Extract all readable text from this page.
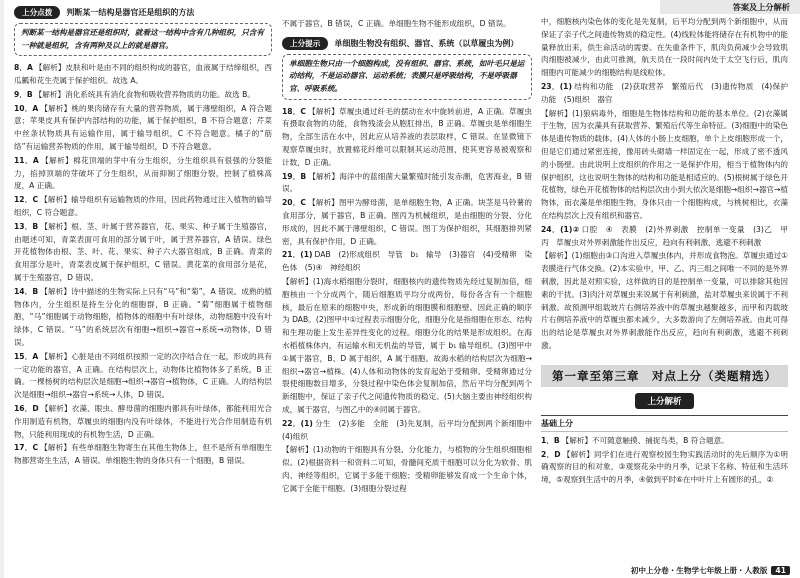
答案及上分解析
上分点拨	判断某一结构是器官还是组织的方法
判断某一结构是器官还是组织时，就看这一结构中含有几种组织，只含有一种就是组织，含有两种及以上的就是器官。

8．A 【解析】皮肤和叶是由不同的组织构成的器官，血液属于结缔组织，西瓜瓤和花生壳属于保护组织。故选 A。

9．B 【解析】消化系统具有消化食物和吸收营养物质的功能。故选 B。

10．A 【解析】桃的果肉储存有大量的营养物质，属于薄壁组织，A 符合题意；苹果皮具有保护内部结构的功能，属于保护组织，B 不符合题意；芹菜中丝条状物质具有运输作用，属于输导组织，C 不符合题意。橘子的“筋络”有运输营养物质的作用，属于输导组织，D 不符合题意。

11．A 【解析】棉花顶端的芽中有分生组织，分生组织具有很强的分裂能力，掐掉顶端的芽破坏了分生组织，从而抑制了细胞分裂，控制了植株高度，A 正确。

12．C 【解析】输导组织有运输物质的作用，因此药物通过注入植物的输导组织，C 符合题意。

13．B 【解析】根、茎、叶属于营养器官，花、果实、种子属于生殖器官，由题述可知，青菜表面可食用的部分属于叶，属于营养器官，A 错误。绿色开花植物体由根、茎、叶、花、果实、种子六大器官组成，B 正确。青菜的食用部分是叶，青菜表皮属于保护组织，C 错误。黄花菜的食用部分是花，属于生殖器官，D 错误。

14．B 【解析】诗中描述的生物实际上只有“马”和“菊”，A 错误。成熟的植物体内，分生组织是持生分化的细胞群，B 正确。“菊”细胞属于植物细胞，“马”细胞属于动物细胞，植物体的细胞中有叶绿体，动物细胞中没有叶绿体，C 错误。“马”的系统层次有细胞→组织→器官→系统→动物体，D 错误。

15．A 【解析】心脏是由不同组织按照一定的次序结合在一起，形成的具有一定功能的器官，A 正确。在结构层次上，动物体比植物体多了系统，B 正确。一棵杨树的结构层次是细胞→组织→器官→植物体，C 正确。人的结构层次是细胞→组织→器官→系统→人体，D 错误。

16．D 【解析】衣藻、眼虫、酵母菌的细胞内都具有叶绿体，都能利用光合作用制造有机物，草履虫的细胞内没有叶绿体，不能进行光合作用制造有机物，只能利用现成的有机物生活，D 正确。

17．C 【解析】有些单细胞生物寄生在其他生物体上，但不是所有单细胞生物都营寄生生活，A 错误。单细胞生物的身体只有一个细胞，B 错误。

不属于器官，B 错误，C 正确。单细胞生物不能形成组织，D 错误。

上分提示	单细胞生物没有组织、器官、系统（以草履虫为例）
单细胞生物只由一个细胞构成，没有组织、器官、系统，如叶毛只是运动结构，不是运动器官、运动系统；表膜只是呼吸结构，不是呼吸器官、呼吸系统。

18．C 【解析】草履虫通过纤毛的摆动在水中旋转前进，A 正确。草履虫有摄取食物的功能，食物残渣会从胞肛排出，B 正确。草履虫是单细胞生物，全部生活在水中，因此应从培养液的表层取样，C 错误。在显微镜下观察草履虫时，放置棉花纤维可以限制其运动范围，使其更容易被观察和计数，D 正确。

19．B 【解析】海洋中的蓝细菌大量繁殖时能引发赤潮，危害海业，B 错误。

20．C 【解析】图甲为酵母菌，是单细胞生物，A 正确。块茎是马铃薯的食用部分，属于器官，B 正确。图丙为机械组织，是由细胞的分裂、分化形成的，因此不属于薄壁组织，C 错误。图丁为保护组织，其细胞排列紧密，具有保护作用，D 正确。

21．(1) DAB　(2)形成组织　导管　b₁　输导　(3)器官　(4)受精卵　染色体　(5)④　神经组织

【解析】(1)海水稻细胞分裂时，细胞核内的遗传物质先经过复制加倍，细胞核由一个分成两个，随后细胞质平均分成两份，每份各含有一个细胞核，最后在原来的细胞中央，形成新的细胞膜和细胞壁。因此正确的顺序为 DAB。(2)图甲中①过程表示细胞分化，细胞分化是指细胞在形态、结构和生理功能上发生差异性变化的过程。细胞分化的结果是形成组织。在海水稻植株体内，有运输水和无机盐的导管，属于 b₁ 输导组织。(3)图甲中①属于器官，B、D 属于组织，A 属于细胞。故海水稻的结构层次为细胞→组织→器官→植株。(4)人体和动物体的发育起始于受精卵。受精卵通过分裂使细胞数目增多，分裂过程中染色体会复制加倍，然后平均分配到两个新细胞中，保证了亲子代之间遗传物质的稳定。(5)大脑主要由神经组织构成，属于器官，与图乙中的④同属于器官。

22．(1) 分生　(2)多能　全能　(3)先复制，后平均分配到两个新细胞中　(4)组织

【解析】(1)动物的干细胞具有分裂、分化能力，与植物的分生组织细胞相似。(2)根据资料一和资料二可知，骨髓间充质干细胞可以分化为软骨、肌肉、神经等组织，它属于多能干细胞；受精卵能够发育成一个生命个体，它属于全能干细胞。(3)细胞分裂过程

中，细胞核内染色体的变化是先复制，后平均分配到两个新细胞中，从而保证了亲子代之间遗传物质的稳定性。(4)线粒体能将储存在有机物中的能量释放出来，供生命活动的需要。在失重条件下，肌肉负荷减少会导致肌肉细胞被减少，由此可推测，航天员在一段时间内处于太空飞行后，肌肉细胞内可能减少的细胞结构是线粒体。

23．(1) 结构和功能　(2)获取营养　繁殖后代　(3)遗传物质　(4)保护　功能　(5)组织　器官

【解析】(1)狼病毒外，细胞是生物体结构和功能的基本单位。(2)衣藻属于生物，因为衣藻具有获取营养、繁殖后代等生命特征。(3)细胞中的染色体是遗传物质的载体。(4)人体的小肠上皮细胞，单个上皮细胞形成一个，但是它们通过紧密连接，像用砖头砌墙一样固定在一起，形成了密不透风的小肠壁。由此说明上皮组织的作用之一是保护作用，相当于植物体内的保护组织，这也说明生物体的结构和功能是相适应的。(5)根树属于绿色开花植物，绿色开花植物体的结构层次由小到大依次是细胞→组织→器官→植物体，而衣藻是单细胞生物，身体只由一个细胞构成，与桃树相比，衣藻在结构层次上没有组织和器官。

24．(1)② 口腔　④　表膜　(2)外界刺激　控制单一变量　(3)乙　甲　丙　草履虫对外界刺激能作出反应，趋向有利刺激，逃避不利刺激

【解析】(1)细胞由③口沟进入草履虫体内，并形成食物泡。草履虫通过①表膜进行气体交换。(2)本实验中，甲、乙、丙三组之间唯一不同的是外界刺激，因此是对照实验，这样做的目的是控制单一变量，可以排除其他因素的干扰。(3)肉汁对草履虫来说属于有利刺激，盐对草履虫来说属于不利刺激。故预测甲组载玻片右侧培养液中的草履虫越聚越多，而甲和丙载玻片右侧培养液中的草履虫都未减少，大多数游向了左侧培养液。由此可得出的结论是草履虫对外界刺激能作出反应，趋向有利刺激，逃避不利刺激。

第一章至第三章　对点上分（类题精选）
上分解析
基础上分

1．B 【解析】不可随意触摸、捕捉鸟类，B 符合题意。

2．D 【解析】同学们在进行观察校园生物实践活动时的先后顺序为①明确观察的目的和对象，③观察花朵中的月季，记录下名称、特征和生活环境，⑤观察到生活中的月季，④做到平时⑥在中叶片上有圆形的孔，②

初中上分卷・生物学七年级上册・人教版	41
